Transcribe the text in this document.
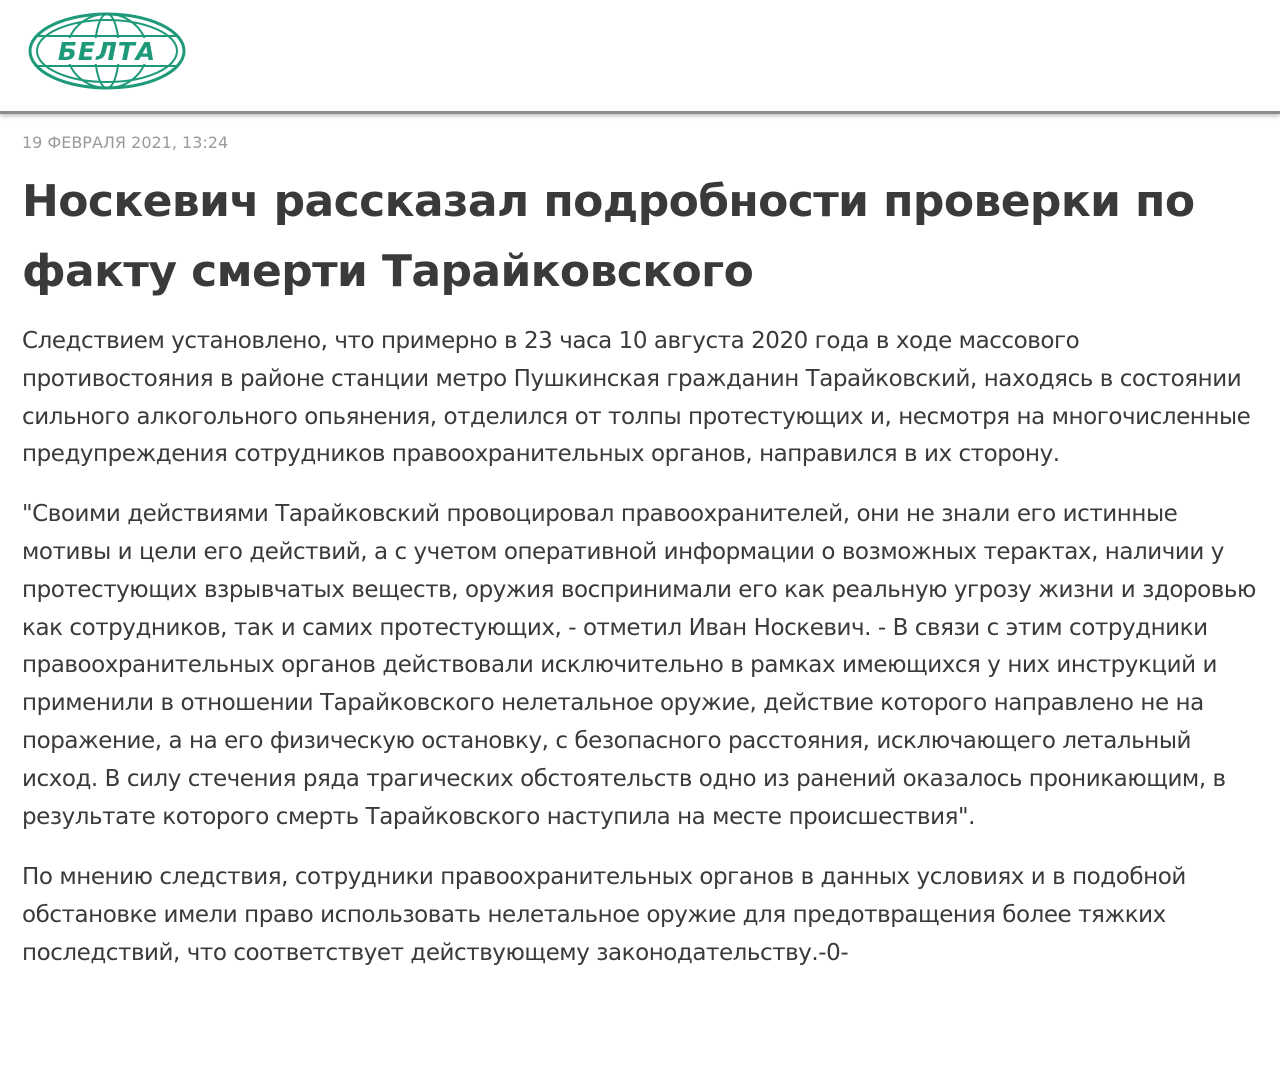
БЕЛТА
19 ФЕВРАЛЯ 2021, 13:24
Носкевич рассказал подробности проверки по факту смерти Тарайковского

Следствием установлено, что примерно в 23 часа 10 августа 2020 года в ходе массового противостояния в районе станции метро Пушкинская гражданин Тарайковский, находясь в состоянии сильного алкогольного опьянения, отделился от толпы протестующих и, несмотря на многочисленные предупреждения сотрудников правоохранительных органов, направился в их сторону.

"Своими действиями Тарайковский провоцировал правоохранителей, они не знали его истинные мотивы и цели его действий, а с учетом оперативной информации о возможных терактах, наличии у протестующих взрывчатых веществ, оружия воспринимали его как реальную угрозу жизни и здоровью как сотрудников, так и самих протестующих, - отметил Иван Носкевич. - В связи с этим сотрудники правоохранительных органов действовали исключительно в рамках имеющихся у них инструкций и применили в отношении Тарайковского нелетальное оружие, действие которого направлено не на поражение, а на его физическую остановку, с безопасного расстояния, исключающего летальный исход. В силу стечения ряда трагических обстоятельств одно из ранений оказалось проникающим, в результате которого смерть Тарайковского наступила на месте происшествия".

По мнению следствия, сотрудники правоохранительных органов в данных условиях и в подобной обстановке имели право использовать нелетальное оружие для предотвращения более тяжких последствий, что соответствует действующему законодательству.-0-
